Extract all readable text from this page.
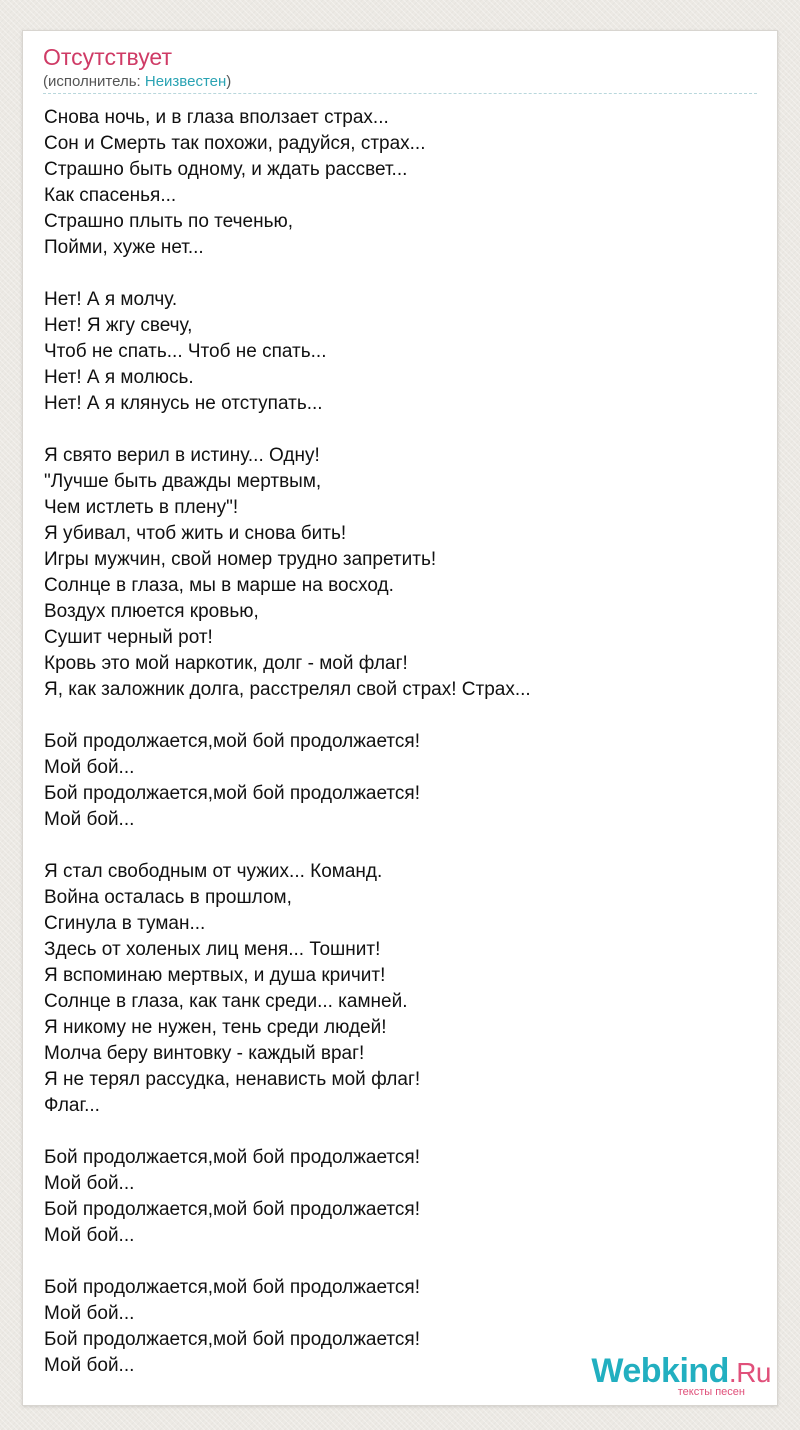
Отсутствует
(исполнитель: Неизвестен)
Снова ночь, и в глаза вползает страх...
Сон и Смерть так похожи, радуйся, страх...
Страшно быть одному, и ждать рассвет...
Как спасенья...
Страшно плыть по теченью,
Пойми, хуже нет...
Нет! А я молчу.
Нет! Я жгу свечу,
Чтоб не спать... Чтоб не спать...
Нет! А я молюсь.
Нет! А я клянусь не отступать...
Я свято верил в истину... Одну!
"Лучше быть дважды мертвым,
Чем истлеть в плену"!
Я убивал, чтоб жить и снова бить!
Игры мужчин, свой номер трудно запретить!
Солнце в глаза, мы в марше на восход.
Воздух плюется кровью,
Сушит черный рот!
Кровь это мой наркотик, долг - мой флаг!
Я, как заложник долга, расстрелял свой страх! Страх...
Бой продолжается,мой бой продолжается!
Мой бой...
Бой продолжается,мой бой продолжается!
Мой бой...
Я стал свободным от чужих... Команд.
Война осталась в прошлом,
Сгинула в туман...
Здесь от холеных лиц меня... Тошнит!
Я вспоминаю мертвых, и душа кричит!
Солнце в глаза, как танк среди... камней.
Я никому не нужен, тень среди людей!
Молча беру винтовку - каждый враг!
Я не терял рассудка, ненависть мой флаг!
Флаг...
Бой продолжается,мой бой продолжается!
Мой бой...
Бой продолжается,мой бой продолжается!
Мой бой...
Бой продолжается,мой бой продолжается!
Мой бой...
Бой продолжается,мой бой продолжается!
Мой бой...	Webkind.Ru
тексты песен
